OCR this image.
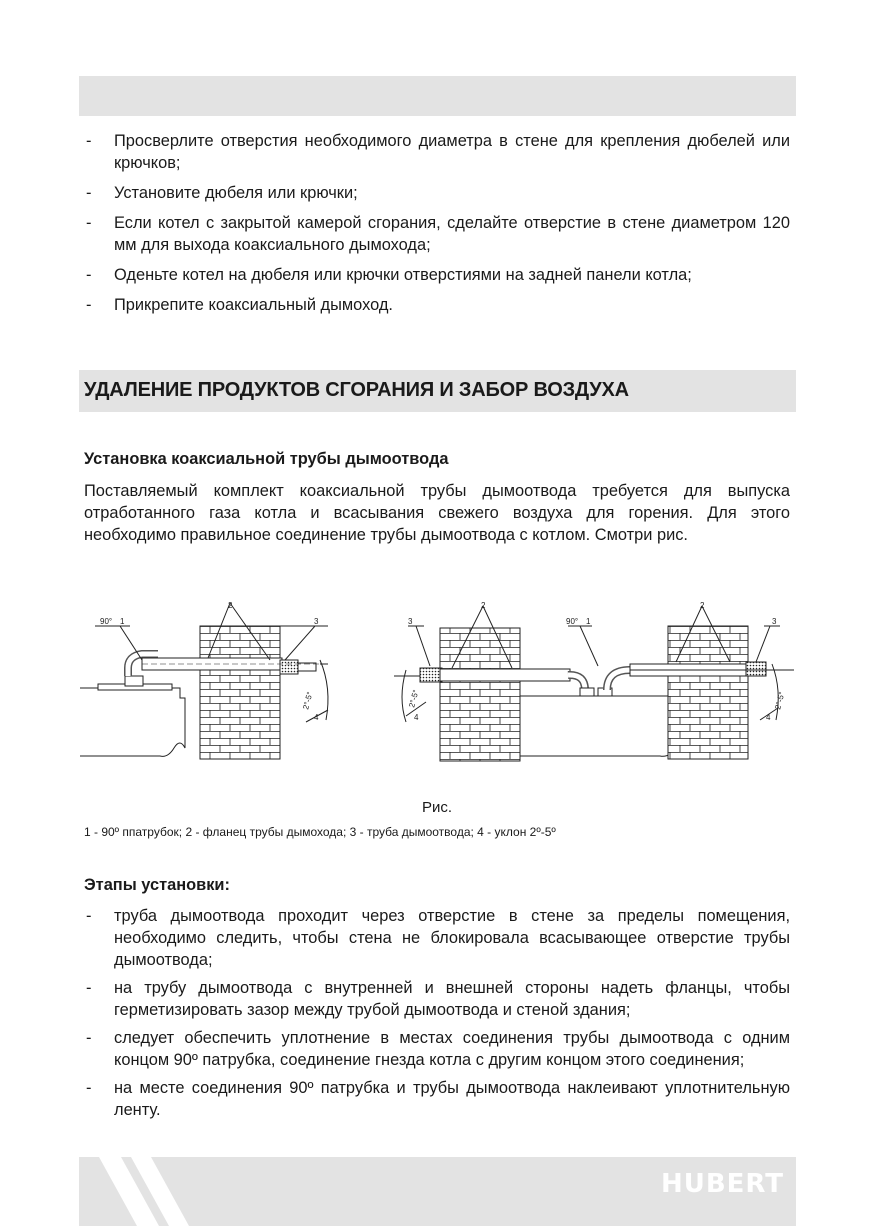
- Просверлите отверстия необходимого диаметра в стене для крепления дюбелей или крючков;
- Установите дюбеля или крючки;
- Если котел с закрытой камерой сгорания, сделайте отверстие в стене диаметром 120 мм для выхода коаксиального дымохода;
- Оденьте котел на дюбеля или крючки отверстиями на задней панели котла;
- Прикрепите коаксиальный дымоход.
УДАЛЕНИЕ ПРОДУКТОВ СГОРАНИЯ И ЗАБОР ВОЗДУХА
Установка коаксиальной трубы дымоотвода

Поставляемый комплект коаксиальной трубы дымоотвода требуется для выпуска отработанного газа котла и всасывания свежего воздуха для горения. Для этого необходимо правильное соединение трубы дымоотвода с котлом. Смотри рис.

90° 1
2
3
4
2°-5°
3
2
4
2°-5°
90° 1
2
3
4
2°-5°
Рис.
1 - 90º ппатрубок; 2 - фланец трубы дымохода; 3 - труба дымоотвода; 4 - уклон 2º-5º
Этапы установки:
- труба дымоотвода проходит через отверстие в стене за пределы помещения, необходимо следить, чтобы стена не блокировала всасывающее отверстие трубы дымоотвода;
- на трубу дымоотвода с внутренней и внешней стороны надеть фланцы, чтобы герметизировать зазор между трубой дымоотвода и стеной здания;
- следует обеспечить уплотнение в местах соединения трубы дымоотвода с одним концом 90º патрубка, соединение гнезда котла с другим концом этого соединения;
- на месте соединения 90º патрубка и трубы дымоотвода наклеивают уплотнительную ленту.
HUBERT
